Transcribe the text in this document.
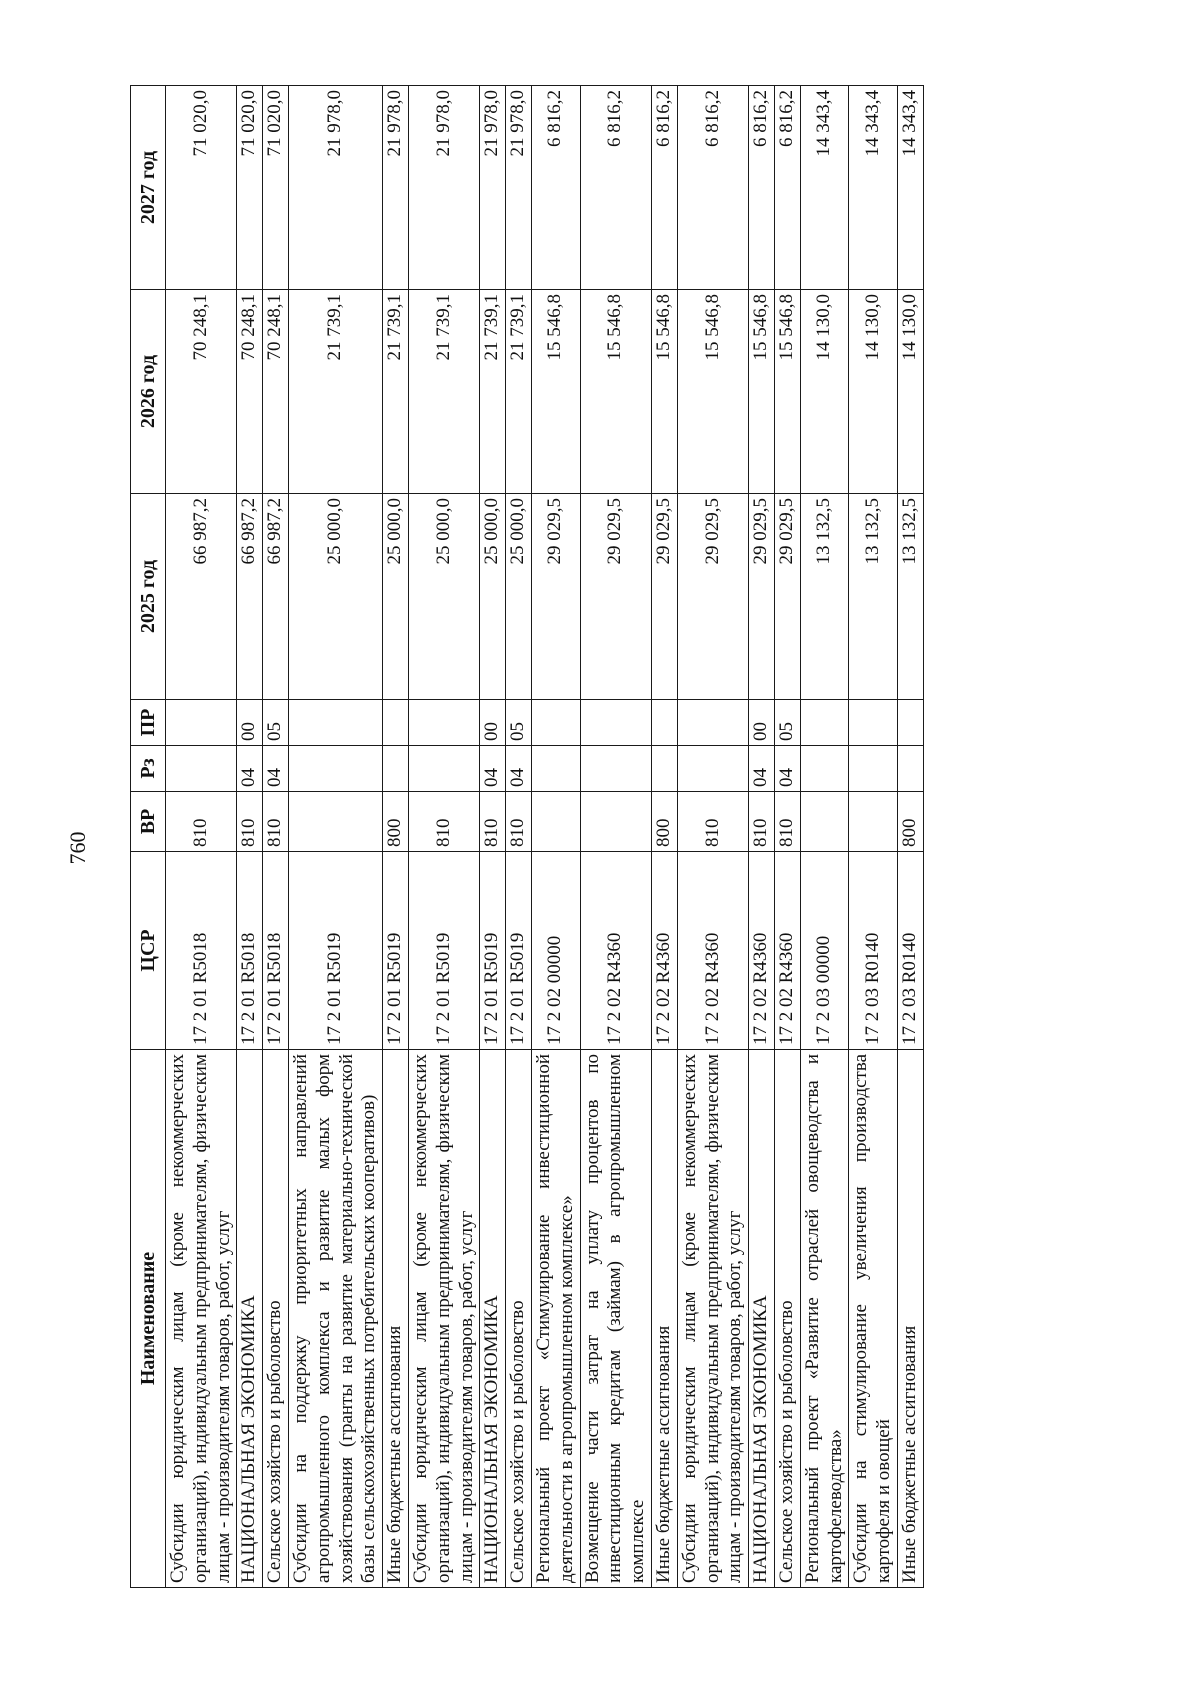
760
Наименование	ЦСР	ВР	Рз	ПР	2025 год	2026 год	2027 год
Субсидии юридическим лицам (кроме некоммерческих организаций), индивидуальным предпринимателям, физическим лицам - производителям товаров, работ, услуг	17 2 01 R5018	810			66 987,2	70 248,1	71 020,0
НАЦИОНАЛЬНАЯ ЭКОНОМИКА	17 2 01 R5018	810	04	00	66 987,2	70 248,1	71 020,0
Сельское хозяйство и рыболовство	17 2 01 R5018	810	04	05	66 987,2	70 248,1	71 020,0
Субсидии на поддержку приоритетных направлений агропромышленного комплекса и развитие малых форм хозяйствования (гранты на развитие материально-технической базы сельскохозяйственных потребительских кооперативов)	17 2 01 R5019				25 000,0	21 739,1	21 978,0
Иные бюджетные ассигнования	17 2 01 R5019	800			25 000,0	21 739,1	21 978,0
Субсидии юридическим лицам (кроме некоммерческих организаций), индивидуальным предпринимателям, физическим лицам - производителям товаров, работ, услуг	17 2 01 R5019	810			25 000,0	21 739,1	21 978,0
НАЦИОНАЛЬНАЯ ЭКОНОМИКА	17 2 01 R5019	810	04	00	25 000,0	21 739,1	21 978,0
Сельское хозяйство и рыболовство	17 2 01 R5019	810	04	05	25 000,0	21 739,1	21 978,0
Региональный проект «Стимулирование инвестиционной деятельности в агропромышленном комплексе»	17 2 02 00000				29 029,5	15 546,8	6 816,2
Возмещение части затрат на уплату процентов по инвестиционным кредитам (займам) в агропромышленном комплексе	17 2 02 R4360				29 029,5	15 546,8	6 816,2
Иные бюджетные ассигнования	17 2 02 R4360	800			29 029,5	15 546,8	6 816,2
Субсидии юридическим лицам (кроме некоммерческих организаций), индивидуальным предпринимателям, физическим лицам - производителям товаров, работ, услуг	17 2 02 R4360	810			29 029,5	15 546,8	6 816,2
НАЦИОНАЛЬНАЯ ЭКОНОМИКА	17 2 02 R4360	810	04	00	29 029,5	15 546,8	6 816,2
Сельское хозяйство и рыболовство	17 2 02 R4360	810	04	05	29 029,5	15 546,8	6 816,2
Региональный проект «Развитие отраслей овощеводства и картофелеводства»	17 2 03 00000				13 132,5	14 130,0	14 343,4
Субсидии на стимулирование увеличения производства картофеля и овощей	17 2 03 R0140				13 132,5	14 130,0	14 343,4
Иные бюджетные ассигнования	17 2 03 R0140	800			13 132,5	14 130,0	14 343,4
